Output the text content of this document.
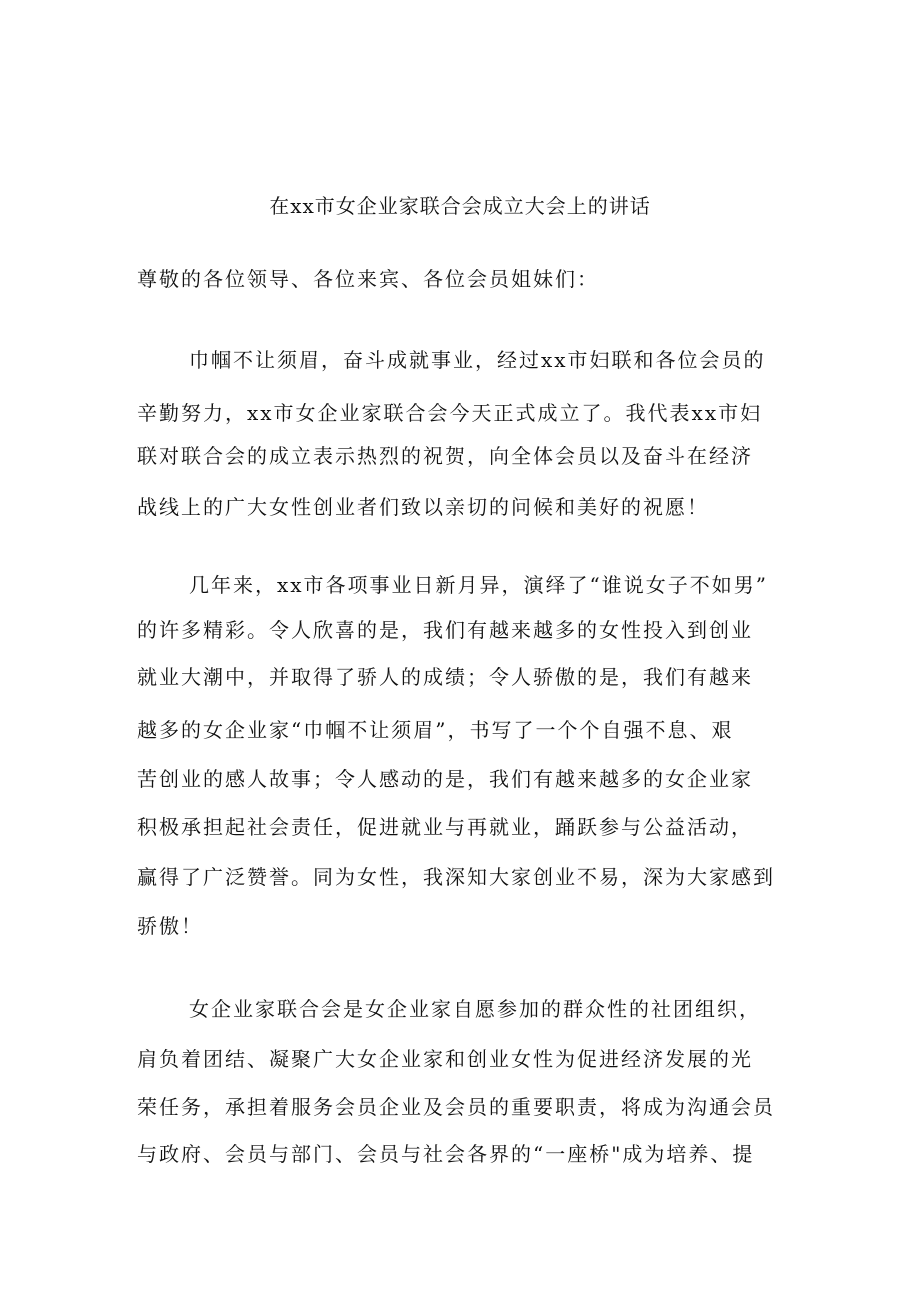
在xx市女企业家联合会成立大会上的讲话
尊敬的各位领导、各位来宾、各位会员姐妹们：
巾帼不让须眉，奋斗成就事业，经过xx市妇联和各位会员的
辛勤努力，xx市女企业家联合会今天正式成立了。我代表xx市妇
联对联合会的成立表示热烈的祝贺，向全体会员以及奋斗在经济
战线上的广大女性创业者们致以亲切的问候和美好的祝愿！
几年来，xx市各项事业日新月异，演绎了“谁说女子不如男”
的许多精彩。令人欣喜的是，我们有越来越多的女性投入到创业
就业大潮中，并取得了骄人的成绩；令人骄傲的是，我们有越来
越多的女企业家“巾帼不让须眉”，书写了一个个自强不息、艰
苦创业的感人故事；令人感动的是，我们有越来越多的女企业家
积极承担起社会责任，促进就业与再就业，踊跃参与公益活动，
赢得了广泛赞誉。同为女性，我深知大家创业不易，深为大家感到
骄傲！
女企业家联合会是女企业家自愿参加的群众性的社团组织，
肩负着团结、凝聚广大女企业家和创业女性为促进经济发展的光
荣任务，承担着服务会员企业及会员的重要职责，将成为沟通会员
与政府、会员与部门、会员与社会各界的“一座桥"成为培养、提
